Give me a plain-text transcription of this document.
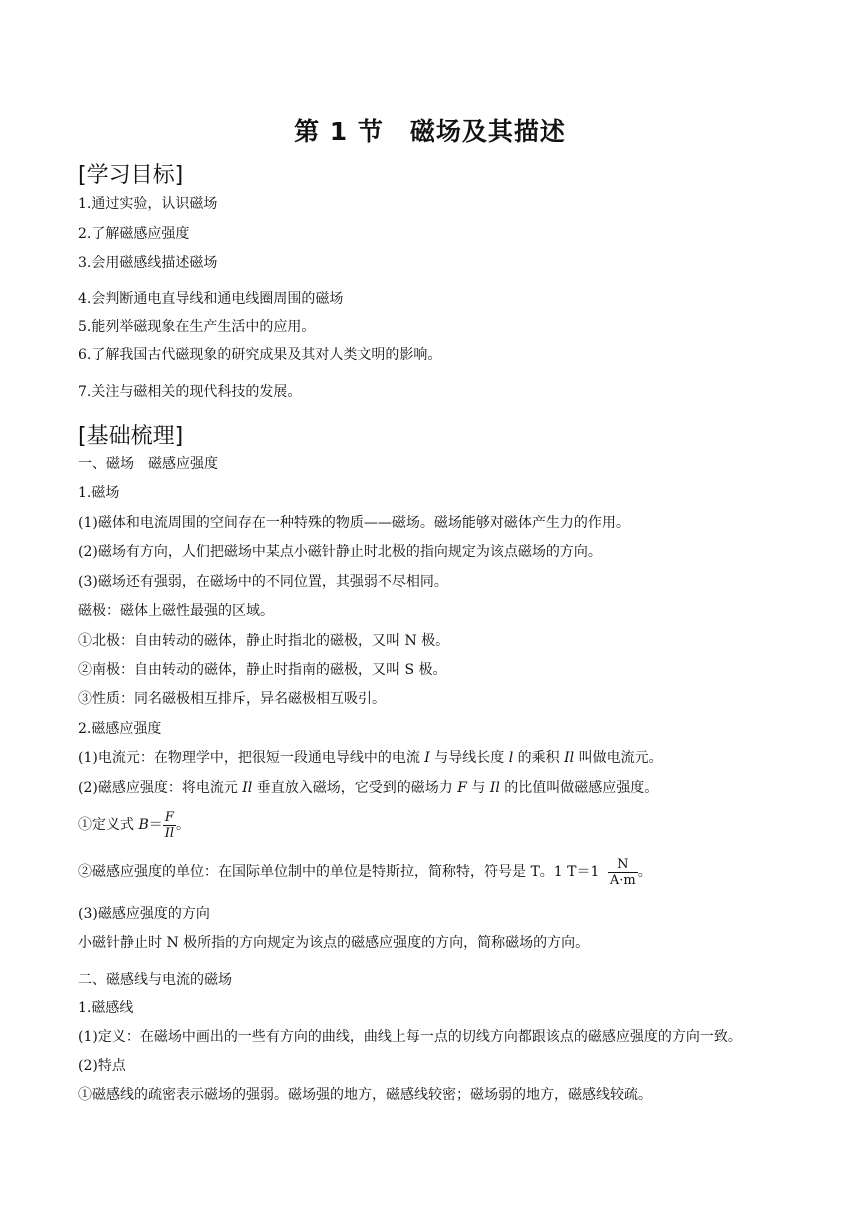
第 1 节　磁场及其描述
[学习目标]
1.通过实验，认识磁场
2.了解磁感应强度
3.会用磁感线描述磁场
4.会判断通电直导线和通电线圈周围的磁场
5.能列举磁现象在生产生活中的应用。
6.了解我国古代磁现象的研究成果及其对人类文明的影响。
7.关注与磁相关的现代科技的发展。
[基础梳理]
一、磁场　磁感应强度
1.磁场
(1)磁体和电流周围的空间存在一种特殊的物质——磁场。磁场能够对磁体产生力的作用。
(2)磁场有方向，人们把磁场中某点小磁针静止时北极的指向规定为该点磁场的方向。
(3)磁场还有强弱，在磁场中的不同位置，其强弱不尽相同。
磁极：磁体上磁性最强的区域。
①北极：自由转动的磁体，静止时指北的磁极，又叫 N 极。
②南极：自由转动的磁体，静止时指南的磁极，又叫 S 极。
③性质：同名磁极相互排斥，异名磁极相互吸引。
2.磁感应强度
(1)电流元：在物理学中，把很短一段通电导线中的电流 I 与导线长度 l 的乘积 Il 叫做电流元。
(2)磁感应强度：将电流元 Il 垂直放入磁场，它受到的磁场力 F 与 Il 的比值叫做磁感应强度。
①定义式 $B= \frac{F}{Il}$ 。
②磁感应强度的单位：在国际单位制中的单位是特斯拉，简称特，符号是 T。1 $T=1 \frac{N}{A\cdot m}$ 。
(3)磁感应强度的方向
小磁针静止时 N 极所指的方向规定为该点的磁感应强度的方向，简称磁场的方向。
二、磁感线与电流的磁场
1.磁感线
(1)定义：在磁场中画出的一些有方向的曲线，曲线上每一点的切线方向都跟该点的磁感应强度的方向一致。
(2)特点
①磁感线的疏密表示磁场的强弱。磁场强的地方，磁感线较密；磁场弱的地方，磁感线较疏。
